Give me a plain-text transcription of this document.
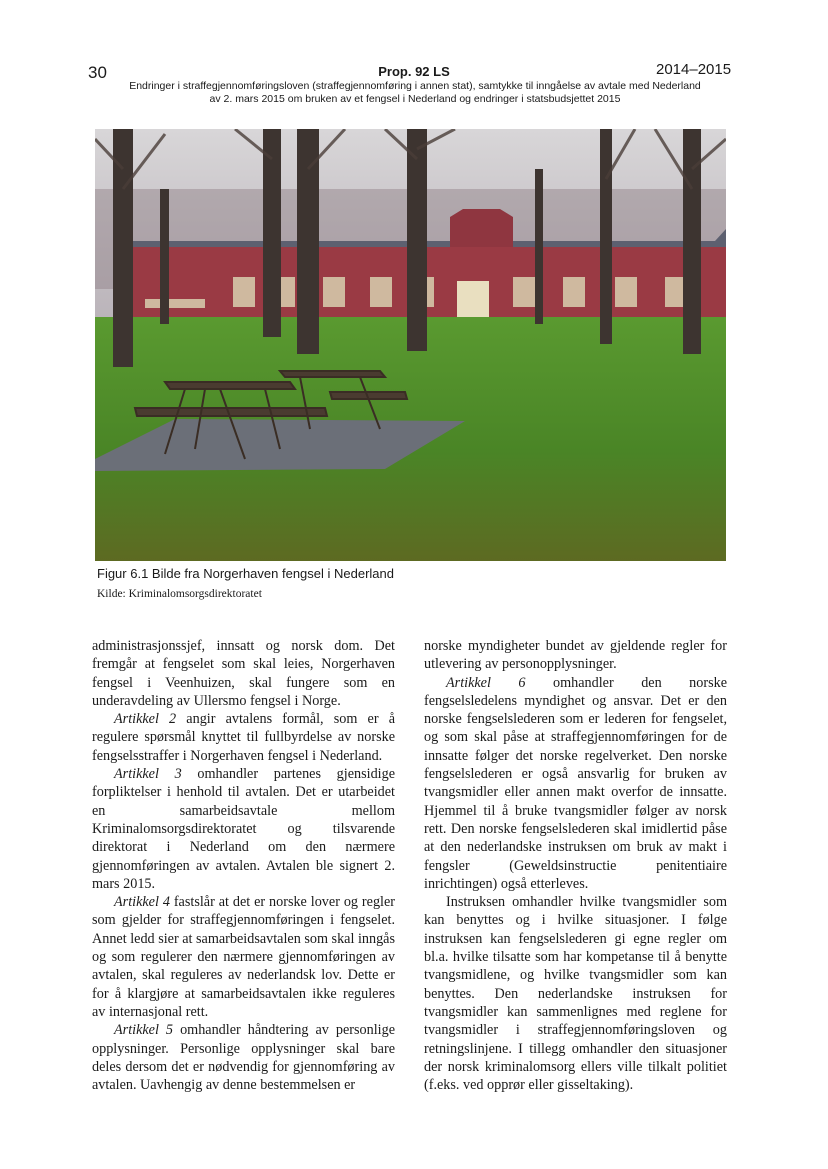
30	Prop. 92 LS	2014–2015
Endringer i straffegjennomføringsloven (straffegjennomføring i annen stat), samtykke til inngåelse av avtale med Nederland
av 2. mars 2015 om bruken av et fengsel i Nederland og endringer i statsbudsjettet 2015
Figur 6.1 Bilde fra Norgerhaven fengsel i Nederland
Kilde: Kriminalomsorgsdirektoratet

administrasjonssjef, innsatt og norsk dom. Det fremgår at fengselet som skal leies, Norgerhaven fengsel i Veenhuizen, skal fungere som en underavdeling av Ullersmo fengsel i Norge.

Artikkel 2 angir avtalens formål, som er å regulere spørsmål knyttet til fullbyrdelse av norske fengselsstraffer i Norgerhaven fengsel i Nederland.

Artikkel 3 omhandler partenes gjensidige forpliktelser i henhold til avtalen. Det er utarbeidet en samarbeidsavtale mellom Kriminalomsorgsdirektoratet og tilsvarende direktorat i Nederland om den nærmere gjennomføringen av avtalen. Avtalen ble signert 2. mars 2015.

Artikkel 4 fastslår at det er norske lover og regler som gjelder for straffegjennomføringen i fengselet. Annet ledd sier at samarbeidsavtalen som skal inngås og som regulerer den nærmere gjennomføringen av avtalen, skal reguleres av nederlandsk lov. Dette er for å klargjøre at samarbeidsavtalen ikke reguleres av internasjonal rett.

Artikkel 5 omhandler håndtering av personlige opplysninger. Personlige opplysninger skal bare deles dersom det er nødvendig for gjennomføring av avtalen. Uavhengig av denne bestemmelsen er

norske myndigheter bundet av gjeldende regler for utlevering av personopplysninger.

Artikkel 6 omhandler den norske fengselsledelens myndighet og ansvar. Det er den norske fengselslederen som er lederen for fengselet, og som skal påse at straffegjennomføringen for de innsatte følger det norske regelverket. Den norske fengselslederen er også ansvarlig for bruken av tvangsmidler eller annen makt overfor de innsatte. Hjemmel til å bruke tvangsmidler følger av norsk rett. Den norske fengselslederen skal imidlertid påse at den nederlandske instruksen om bruk av makt i fengsler (Geweldsinstructie penitentiaire inrichtingen) også etterleves.

Instruksen omhandler hvilke tvangsmidler som kan benyttes og i hvilke situasjoner. I følge instruksen kan fengselslederen gi egne regler om bl.a. hvilke tilsatte som har kompetanse til å benytte tvangsmidlene, og hvilke tvangsmidler som kan benyttes. Den nederlandske instruksen for tvangsmidler kan sammenlignes med reglene for tvangsmidler i straffegjennomføringsloven og retningslinjene. I tillegg omhandler den situasjoner der norsk kriminalomsorg ellers ville tilkalt politiet (f.eks. ved opprør eller gisseltaking).
